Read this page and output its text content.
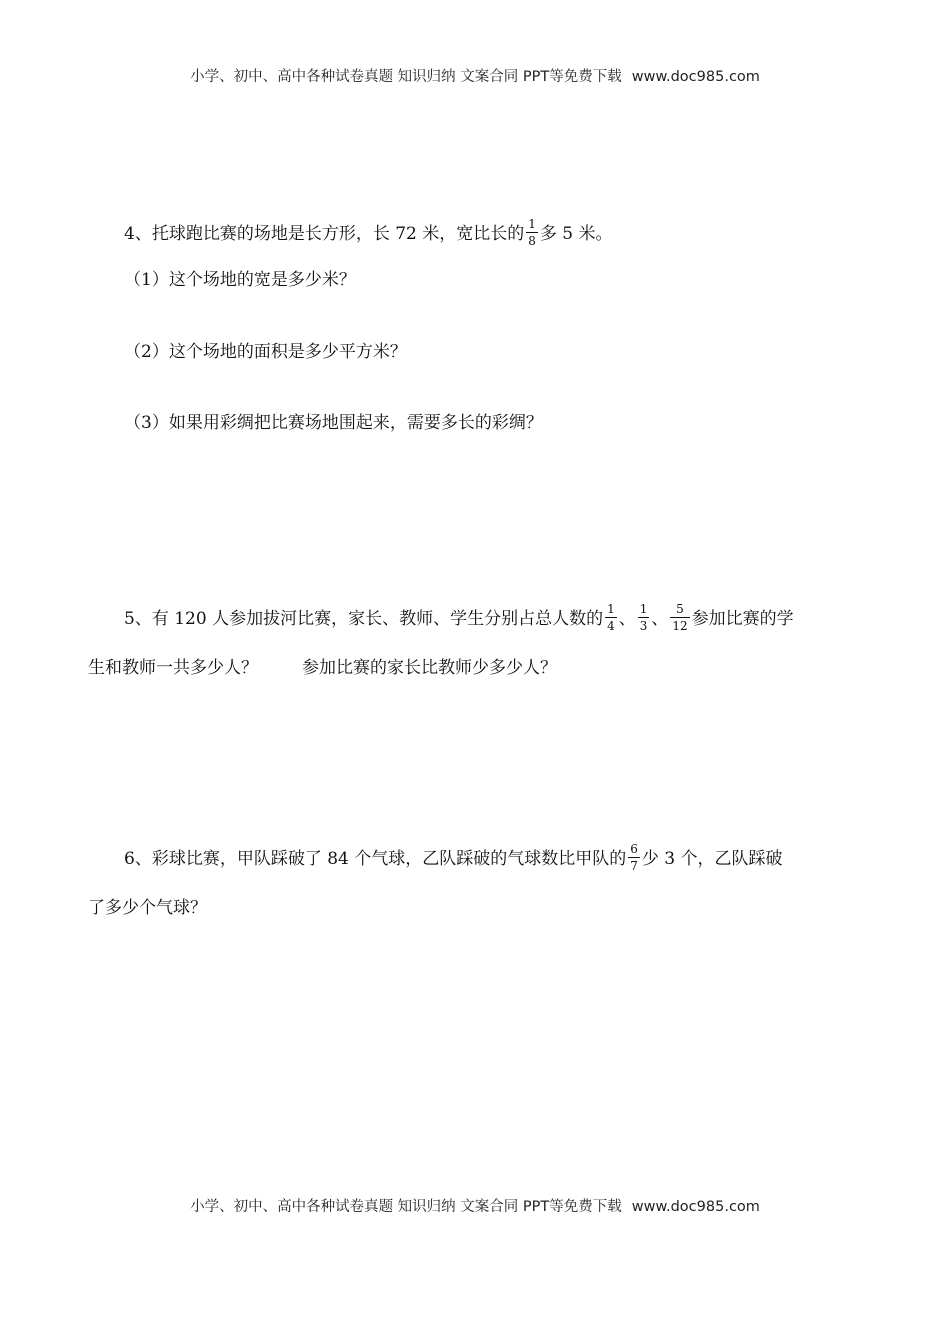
小学、初中、高中各种试卷真题 知识归纳 文案合同 PPT等免费下载 www.doc985.com
4、托球跑比赛的场地是长方形，长 72 米，宽比长的 $\frac{1}{8}$ 多 5 米。
（1）这个场地的宽是多少米？
（2）这个场地的面积是多少平方米？
（3）如果用彩绸把比赛场地围起来，需要多长的彩绸？
5、有 120 人参加拔河比赛，家长、教师、学生分别占总人数的 $\frac{1}{4}$ 、 $\frac{1}{3}$ 、 $\frac{5}{12}$ 参加比赛的学
生和教师一共多少人？	参加比赛的家长比教师少多少人？
6、彩球比赛，甲队踩破了 84 个气球，乙队踩破的气球数比甲队的 $\frac{6}{7}$ 少 3 个，乙队踩破
了多少个气球？
小学、初中、高中各种试卷真题 知识归纳 文案合同 PPT等免费下载 www.doc985.com
